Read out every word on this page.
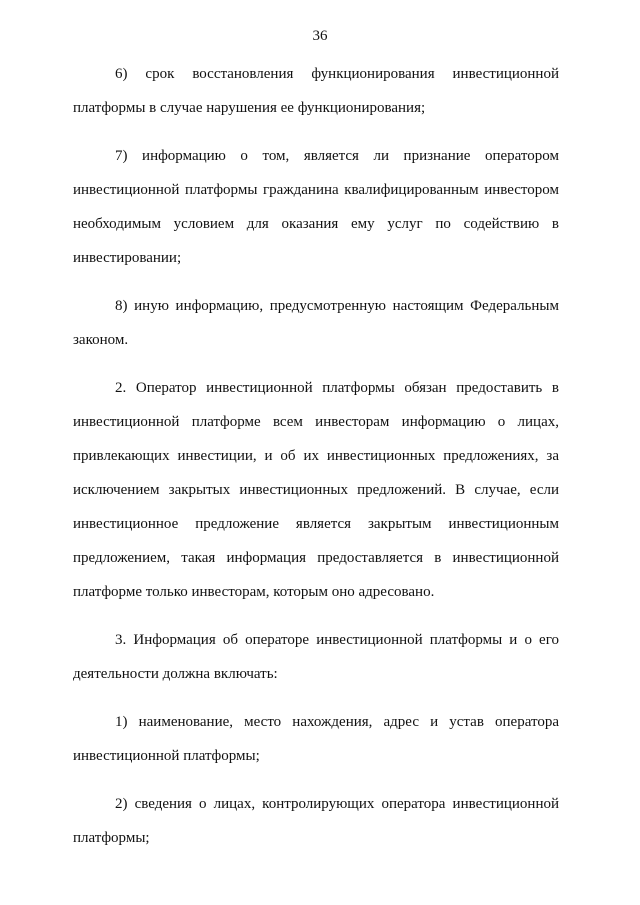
36
6) срок восстановления функционирования инвестиционной
платформы в случае нарушения ее функционирования;
7) информацию о том, является ли признание оператором
инвестиционной платформы гражданина квалифицированным инвестором
необходимым условием для оказания ему услуг по содействию в
инвестировании;
8) иную информацию, предусмотренную настоящим Федеральным
законом.
2. Оператор инвестиционной платформы обязан предоставить в
инвестиционной платформе всем инвесторам информацию о лицах,
привлекающих инвестиции, и об их инвестиционных предложениях, за
исключением закрытых инвестиционных предложений. В случае, если
инвестиционное предложение является закрытым инвестиционным
предложением, такая информация предоставляется в инвестиционной
платформе только инвесторам, которым оно адресовано.
3. Информация об операторе инвестиционной платформы и о его
деятельности должна включать:
1) наименование, место нахождения, адрес и устав оператора
инвестиционной платформы;
2) сведения о лицах, контролирующих оператора инвестиционной
платформы;
